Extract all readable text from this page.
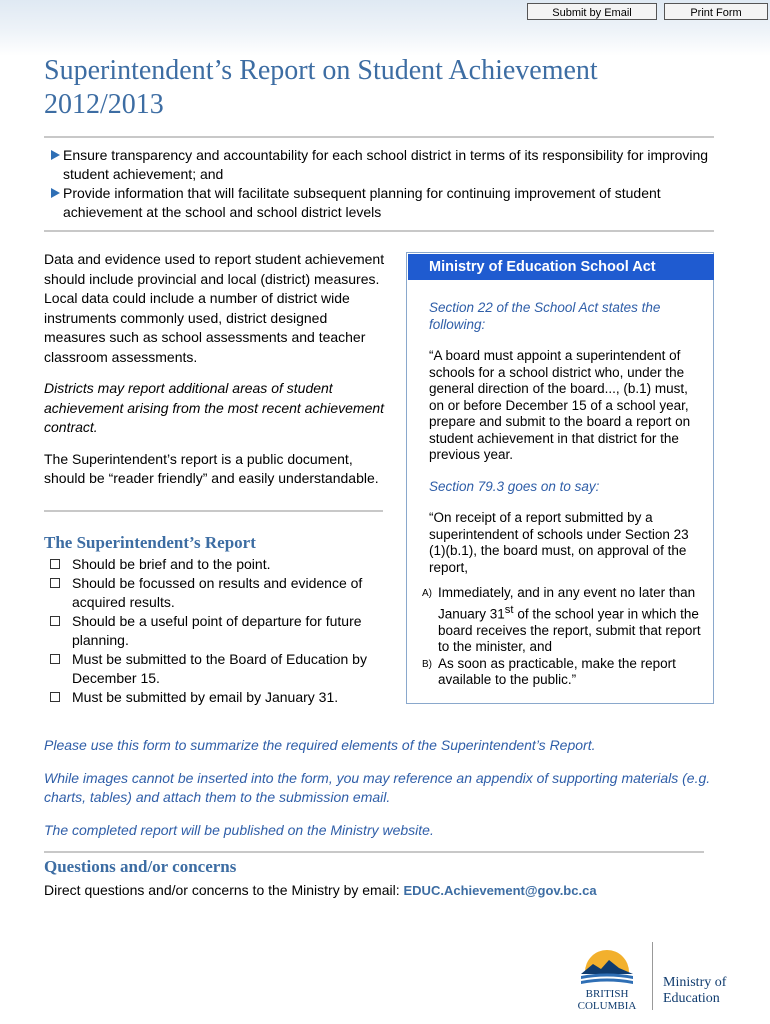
Submit by Email	Print Form
Superintendent’s Report on Student Achievement
2012/2013
Ensure transparency and accountability for each school district in terms of its responsibility for improving student achievement; and
Provide information that will facilitate subsequent planning for continuing improvement of student achievement at the school and school district levels

Data and evidence used to report student achievement should include provincial and local (district) measures. Local data could include a number of district wide instruments commonly used, district designed measures such as school assessments and teacher classroom assessments.

Districts may report additional areas of student achievement arising from the most recent achievement contract.

The Superintendent’s report is a public document, should be “reader friendly” and easily understandable.

The Superintendent’s Report
Should be brief and to the point.
Should be focussed on results and evidence of acquired results.
Should be a useful point of departure for future planning.
Must be submitted to the Board of Education by December 15.
Must be submitted by email by January 31.
Ministry of Education School Act

Section 22 of the School Act states the following:

“A board must appoint a superintendent of schools for a school district who, under the general direction of the board..., (b.1) must, on or before December 15 of a school year, prepare and submit to the board a report on student achievement in that district for the previous year.

Section 79.3 goes on to say:

“On receipt of a report submitted by a superintendent of schools under Section 23 (1)(b.1), the board must, on approval of the report,

A) Immediately, and in any event no later than January 31st of the school year in which the board receives the report, submit that report to the minister, and
B) As soon as practicable, make the report available to the public.”

Please use this form to summarize the required elements of the Superintendent’s Report.

While images cannot be inserted into the form, you may reference an appendix of supporting materials (e.g. charts, tables) and attach them to the submission email.

The completed report will be published on the Ministry website.

Questions and/or concerns
Direct questions and/or concerns to the Ministry by email: EDUC.Achievement@gov.bc.ca
BRITISH
COLUMBIA
Ministry of
Education
